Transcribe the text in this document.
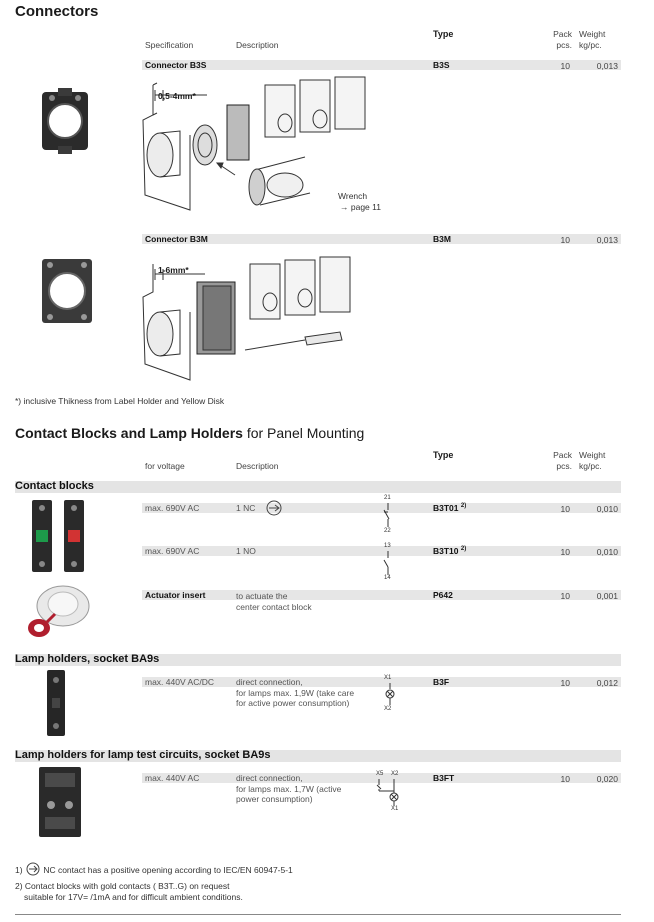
Connectors
Specification	Description
Type	Pack
pcs.
Weight
kg/pc.
Connector B3S	B3S	10	0,013
0,5-4mm*
Wrench
→ page 11
Connector B3M	B3M	10	0,013
1-6mm*
*) inclusive Thikness from Label Holder and Yellow Disk
Contact Blocks and Lamp Holders for Panel Mounting
for voltage	Description
Type	Pack
pcs.
Weight
kg/pc.
Contact blocks
max. 690V AC	1 NC
21
22
B3T01 $^{2)}$	10	0,010
max. 690V AC	1 NO	13
14
B3T10 $^{2)}$	10	0,010
Actuator insert	to actuate the
center contact block
P642	10	0,001
Lamp holders, socket BA9s
max. 440V AC/DC	direct connection,
for lamps max. 1,9W (take care
for active power consumption)
X1
X2
B3F	10	0,012
Lamp holders for lamp test circuits, socket BA9s
max. 440V AC	direct connection,
for lamps max. 1,7W (active
power consumption)
X5 X2
X1
B3FT	10	0,020
1) NC contact has a positive opening according to IEC/EN 60947-5-1
2) Contact blocks with gold contacts ( B3T..G) on request
suitable for 17V= /1mA and for difficult ambient conditions.
